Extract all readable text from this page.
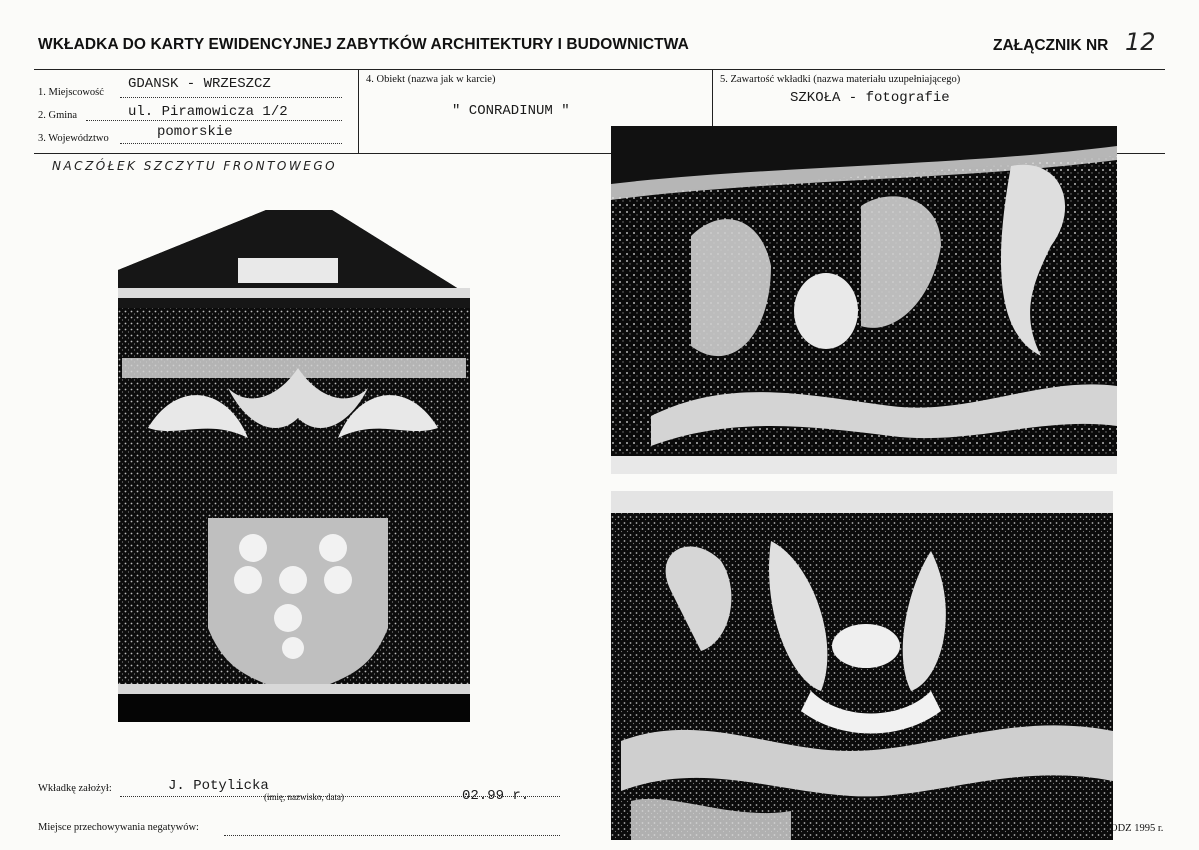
WKŁADKA DO KARTY EWIDENCYJNEJ ZABYTKÓW ARCHITEKTURY I BUDOWNICTWA	ZAŁĄCZNIK NR 12
1. Miejscowość
GDANSK - WRZESZCZ
2. Gmina	ul. Piramowicza 1/2
3. Województwo	pomorskie
4. Obiekt (nazwa jak w karcie)
" CONRADINUM "
5. Zawartość wkładki (nazwa materiału uzupełniającego)
SZKOŁA - fotografie
NACZÓŁEK SZCZYTU FRONTOWEGO
Wkładkę założył:	J. Potylicka
(imię, nazwisko, data)	02.99 r.
Miejsce przechowywania negatywów:	ODZ 1995 r.
